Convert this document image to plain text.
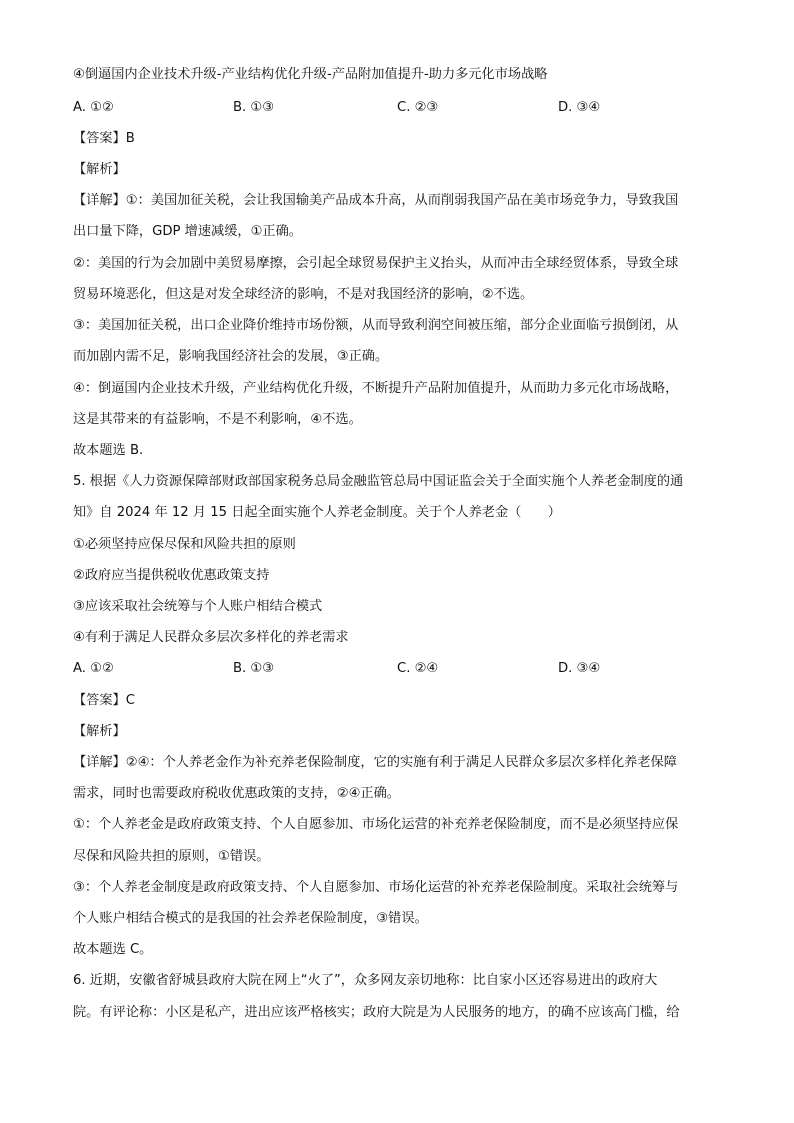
④倒逼国内企业技术升级-产业结构优化升级-产品附加值提升-助力多元化市场战略
A. ①②	B. ①③	C. ②③	D. ③④
【答案】B
【解析】
【详解】①：美国加征关税，会让我国输美产品成本升高，从而削弱我国产品在美市场竞争力，导致我国
出口量下降，GDP 增速减缓，①正确。
②：美国的行为会加剧中美贸易摩擦，会引起全球贸易保护主义抬头，从而冲击全球经贸体系，导致全球
贸易环境恶化，但这是对发全球经济的影响，不是对我国经济的影响，②不选。
③：美国加征关税，出口企业降价维持市场份额，从而导致利润空间被压缩，部分企业面临亏损倒闭，从
而加剧内需不足，影响我国经济社会的发展，③正确。
④：倒逼国内企业技术升级，产业结构优化升级，不断提升产品附加值提升，从而助力多元化市场战略，
这是其带来的有益影响，不是不利影响，④不选。
故本题选 B.
5. 根据《人力资源保障部财政部国家税务总局金融监管总局中国证监会关于全面实施个人养老金制度的通
知》自 2024 年 12 月 15 日起全面实施个人养老金制度。关于个人养老金（　　）
①必须坚持应保尽保和风险共担的原则
②政府应当提供税收优惠政策支持
③应该采取社会统筹与个人账户相结合模式
④有利于满足人民群众多层次多样化的养老需求
A. ①②	B. ①③	C. ②④	D. ③④
【答案】C
【解析】
【详解】②④：个人养老金作为补充养老保险制度，它的实施有利于满足人民群众多层次多样化养老保障
需求，同时也需要政府税收优惠政策的支持，②④正确。
①：个人养老金是政府政策支持、个人自愿参加、市场化运营的补充养老保险制度，而不是必须坚持应保
尽保和风险共担的原则，①错误。
③：个人养老金制度是政府政策支持、个人自愿参加、市场化运营的补充养老保险制度。采取社会统筹与
个人账户相结合模式的是我国的社会养老保险制度，③错误。
故本题选 C。
6. 近期，安徽省舒城县政府大院在网上“火了”，众多网友亲切地称：比自家小区还容易进出的政府大
院。有评论称：小区是私产，进出应该严格核实；政府大院是为人民服务的地方，的确不应该高门槛，给
